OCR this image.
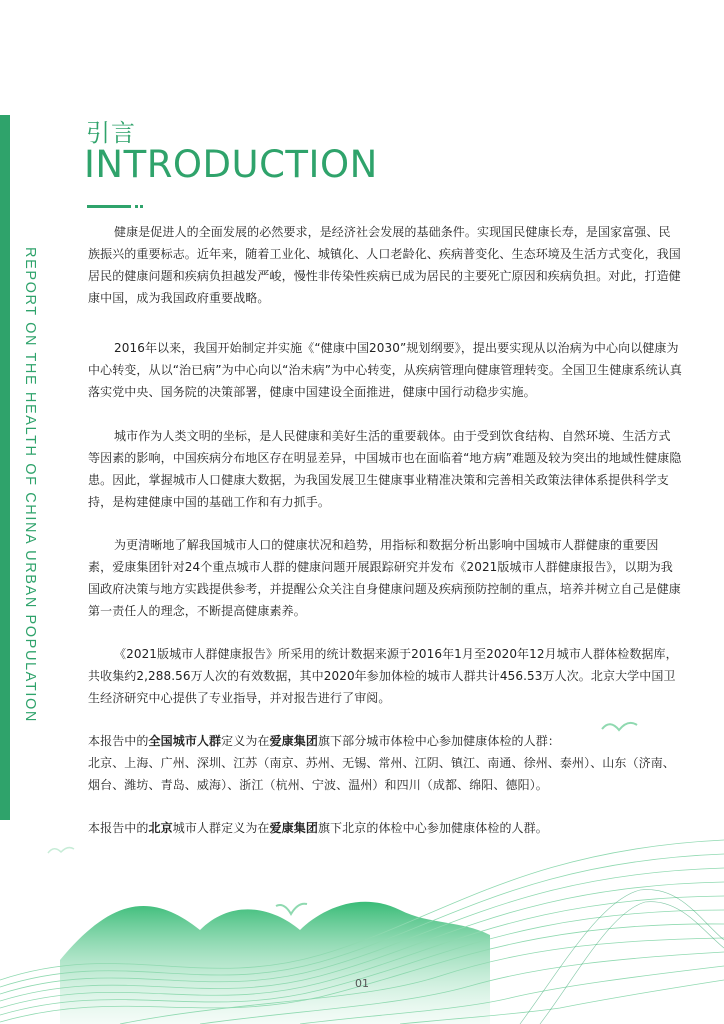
REPORT ON THE HEALTH OF CHINA URBAN POPULATION
引言
INTRODUCTION

健康是促进人的全面发展的必然要求，是经济社会发展的基础条件。实现国民健康长寿，是国家富强、民族振兴的重要标志。近年来，随着工业化、城镇化、人口老龄化、疾病普变化、生态环境及生活方式变化，我国居民的健康问题和疾病负担越发严峻，慢性非传染性疾病已成为居民的主要死亡原因和疾病负担。对此，打造健康中国，成为我国政府重要战略。

2016年以来，我国开始制定并实施《“健康中国2030”规划纲要》，提出要实现从以治病为中心向以健康为中心转变，从以“治已病”为中心向以“治未病”为中心转变，从疾病管理向健康管理转变。全国卫生健康系统认真落实党中央、国务院的决策部署，健康中国建设全面推进，健康中国行动稳步实施。

城市作为人类文明的坐标，是人民健康和美好生活的重要载体。由于受到饮食结构、自然环境、生活方式等因素的影响，中国疾病分布地区存在明显差异，中国城市也在面临着“地方病”难题及较为突出的地域性健康隐患。因此，掌握城市人口健康大数据，为我国发展卫生健康事业精准决策和完善相关政策法律体系提供科学支持，是构建健康中国的基础工作和有力抓手。

为更清晰地了解我国城市人口的健康状况和趋势，用指标和数据分析出影响中国城市人群健康的重要因素，爱康集团针对24个重点城市人群的健康问题开展跟踪研究并发布《2021版城市人群健康报告》，以期为我国政府决策与地方实践提供参考，并提醒公众关注自身健康问题及疾病预防控制的重点，培养并树立自己是健康第一责任人的理念，不断提高健康素养。

《2021版城市人群健康报告》所采用的统计数据来源于2016年1月至2020年12月城市人群体检数据库，共收集约2,288.56万人次的有效数据，其中2020年参加体检的城市人群共计456.53万人次。北京大学中国卫生经济研究中心提供了专业指导，并对报告进行了审阅。

本报告中的全国城市人群定义为在爱康集团旗下部分城市体检中心参加健康体检的人群：
北京、上海、广州、深圳、江苏（南京、苏州、无锡、常州、江阴、镇江、南通、徐州、泰州）、山东（济南、烟台、潍坊、青岛、威海）、浙江（杭州、宁波、温州）和四川（成都、绵阳、德阳）。

本报告中的北京城市人群定义为在爱康集团旗下北京的体检中心参加健康体检的人群。

01
